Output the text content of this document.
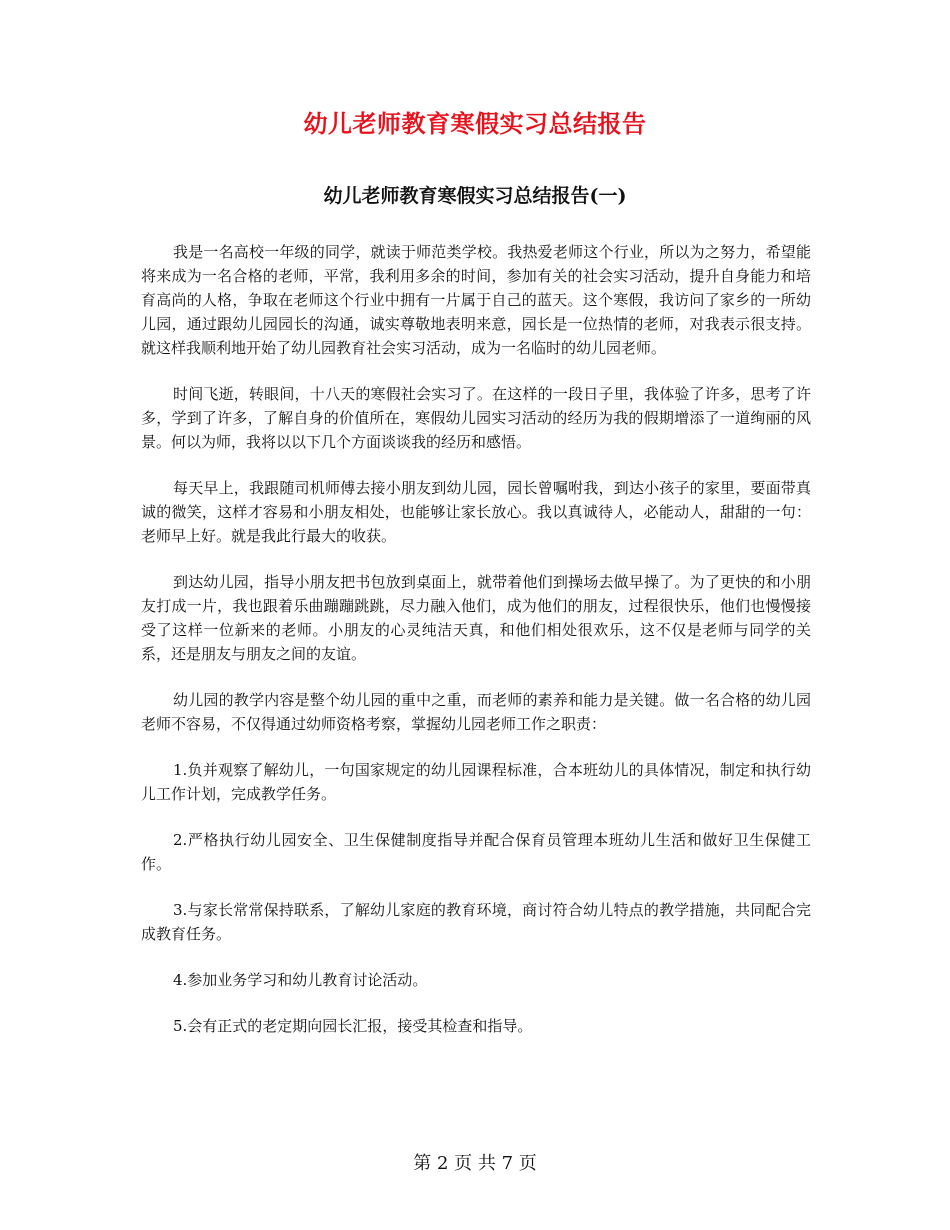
幼儿老师教育寒假实习总结报告
幼儿老师教育寒假实习总结报告(一)

我是一名高校一年级的同学，就读于师范类学校。我热爱老师这个行业，所以为之努力，希望能将来成为一名合格的老师，平常，我利用多余的时间，参加有关的社会实习活动，提升自身能力和培育高尚的人格，争取在老师这个行业中拥有一片属于自己的蓝天。这个寒假，我访问了家乡的一所幼儿园，通过跟幼儿园园长的沟通，诚实尊敬地表明来意，园长是一位热情的老师，对我表示很支持。就这样我顺利地开始了幼儿园教育社会实习活动，成为一名临时的幼儿园老师。

时间飞逝，转眼间，十八天的寒假社会实习了。在这样的一段日子里，我体验了许多，思考了许多，学到了许多，了解自身的价值所在，寒假幼儿园实习活动的经历为我的假期增添了一道绚丽的风景。何以为师，我将以以下几个方面谈谈我的经历和感悟。

每天早上，我跟随司机师傅去接小朋友到幼儿园，园长曾嘱咐我，到达小孩子的家里，要面带真诚的微笑，这样才容易和小朋友相处，也能够让家长放心。我以真诚待人，必能动人，甜甜的一句：老师早上好。就是我此行最大的收获。

到达幼儿园，指导小朋友把书包放到桌面上，就带着他们到操场去做早操了。为了更快的和小朋友打成一片，我也跟着乐曲蹦蹦跳跳，尽力融入他们，成为他们的朋友，过程很快乐，他们也慢慢接受了这样一位新来的老师。小朋友的心灵纯洁天真，和他们相处很欢乐，这不仅是老师与同学的关系，还是朋友与朋友之间的友谊。

幼儿园的教学内容是整个幼儿园的重中之重，而老师的素养和能力是关键。做一名合格的幼儿园老师不容易，不仅得通过幼师资格考察，掌握幼儿园老师工作之职责：

1.负并观察了解幼儿，一句国家规定的幼儿园课程标准，合本班幼儿的具体情况，制定和执行幼儿工作计划，完成教学任务。

2.严格执行幼儿园安全、卫生保健制度指导并配合保育员管理本班幼儿生活和做好卫生保健工作。

3.与家长常常保持联系，了解幼儿家庭的教育环境，商讨符合幼儿特点的教学措施，共同配合完成教育任务。

4.参加业务学习和幼儿教育讨论活动。

5.会有正式的老定期向园长汇报，接受其检查和指导。

第 2 页 共 7 页
